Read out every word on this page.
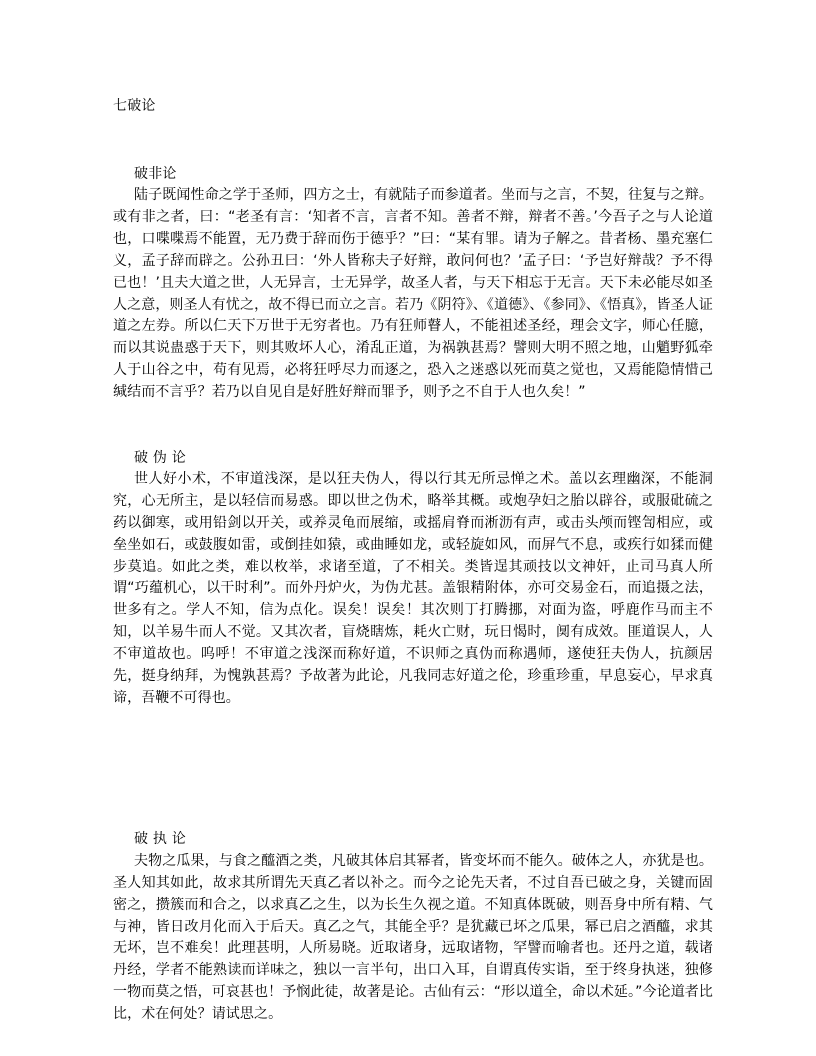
七破论
破非论
陆子既闻性命之学于圣师，四方之士，有就陆子而参道者。坐而与之言，不契，往复与之辩。或有非之者，曰：“老圣有言：‘知者不言，言者不知。善者不辩，辩者不善。’今吾子之与人论道也，口喋喋焉不能置，无乃费于辞而伤于德乎？”曰：“某有罪。请为子解之。昔者杨、墨充塞仁义，孟子辞而辟之。公孙丑曰：‘外人皆称夫子好辩，敢问何也？’孟子曰：‘予岂好辩哉？予不得已也！’且夫大道之世，人无异言，士无异学，故圣人者，与天下相忘于无言。天下未必能尽如圣人之意，则圣人有忧之，故不得已而立之言。若乃《阴符》、《道德》、《参同》、《悟真》，皆圣人证道之左券。所以仁天下万世于无穷者也。乃有狂师瞽人，不能祖述圣经，理会文字，师心任臆，而以其说蛊惑于天下，则其败坏人心，淆乱正道，为祸孰甚焉？譬则大明不照之地，山魈野狐牵人于山谷之中，苟有见焉，必将狂呼尽力而逐之，恐入之迷惑以死而莫之觉也，又焉能隐情惜己缄结而不言乎？若乃以自见自是好胜好辩而罪予，则予之不自于人也久矣！”
破 伪 论
世人好小术，不审道浅深，是以狂夫伪人，得以行其无所忌惮之术。盖以玄理幽深，不能洞究，心无所主，是以轻信而易惑。即以世之伪术，略举其概。或炮孕妇之胎以辟谷，或服砒硫之药以御寒，或用铅剑以开关，或养灵龟而展缩，或摇肩脊而淅沥有声，或击头颅而铿訇相应，或垒坐如石，或鼓腹如雷，或倒挂如猿，或曲睡如龙，或轻旋如风，而屏气不息，或疾行如猱而健步莫追。如此之类，难以枚举，求诸至道，了不相关。类皆逞其顽技以文神奸，止司马真人所谓“巧蕴机心，以干时利”。而外丹炉火，为伪尤甚。盖银精附体，亦可交易金石，而追摄之法，世多有之。学人不知，信为点化。误矣！误矣！其次则丁打腾挪，对面为盗，呼鹿作马而主不知，以羊易牛而人不觉。又其次者，盲烧瞎炼，耗火亡财，玩日愒时，阒有成效。匪道误人，人不审道故也。呜呼！不审道之浅深而称好道，不识师之真伪而称遇师，遂使狂夫伪人，抗颜居先，挺身纳拜，为愧孰甚焉？予故著为此论，凡我同志好道之伦，珍重珍重，早息妄心，早求真谛，吾鞭不可得也。
破 执 论
夫物之瓜果，与食之醯酒之类，凡破其体启其幂者，皆变坏而不能久。破体之人，亦犹是也。圣人知其如此，故求其所谓先天真乙者以补之。而今之论先天者，不过自吾已破之身，关键而固密之，攒簇而和合之，以求真乙之生，以为长生久视之道。不知真体既破，则吾身中所有精、气与神，皆日改月化而入于后天。真乙之气，其能全乎？是犹藏已坏之瓜果，幂已启之酒醯，求其无坏，岂不难矣！此理甚明，人所易晓。近取诸身，远取诸物，罕譬而喻者也。还丹之道，载诸丹经，学者不能熟读而详味之，独以一言半句，出口入耳，自谓真传实诣，至于终身执迷，独修一物而莫之悟，可哀甚也！予悯此徒，故著是论。古仙有云：“形以道全，命以术延。”今论道者比比，术在何处？请试思之。
